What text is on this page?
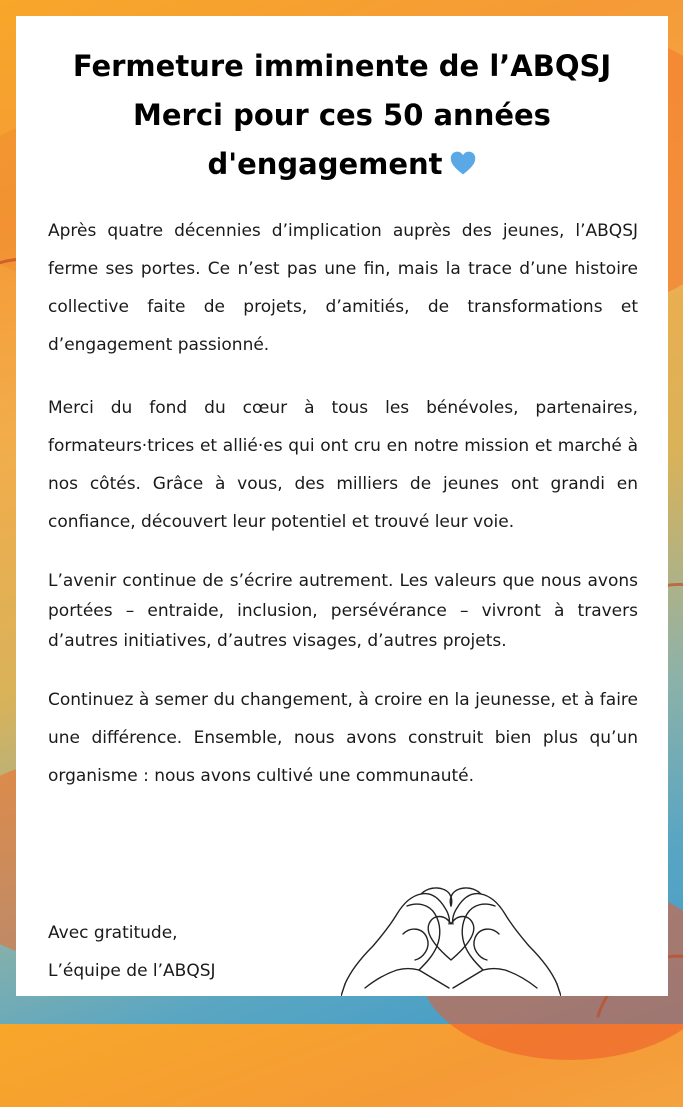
Fermeture imminente de l’ABQSJ
Merci pour ces 50 années
d'engagement

Après quatre décennies d’implication auprès des jeunes, l’ABQSJ ferme ses portes. Ce n’est pas une fin, mais la trace d’une histoire collective faite de projets, d’amitiés, de transformations et d’engagement passionné.

Merci du fond du cœur à tous les bénévoles, partenaires, formateurs·trices et allié·es qui ont cru en notre mission et marché à nos côtés. Grâce à vous, des milliers de jeunes ont grandi en confiance, découvert leur potentiel et trouvé leur voie.

L’avenir continue de s’écrire autrement. Les valeurs que nous avons portées – entraide, inclusion, persévérance – vivront à travers d’autres initiatives, d’autres visages, d’autres projets.

Continuez à semer du changement, à croire en la jeunesse, et à faire une différence. Ensemble, nous avons construit bien plus qu’un organisme : nous avons cultivé une communauté.

Avec gratitude,
L’équipe de l’ABQSJ
